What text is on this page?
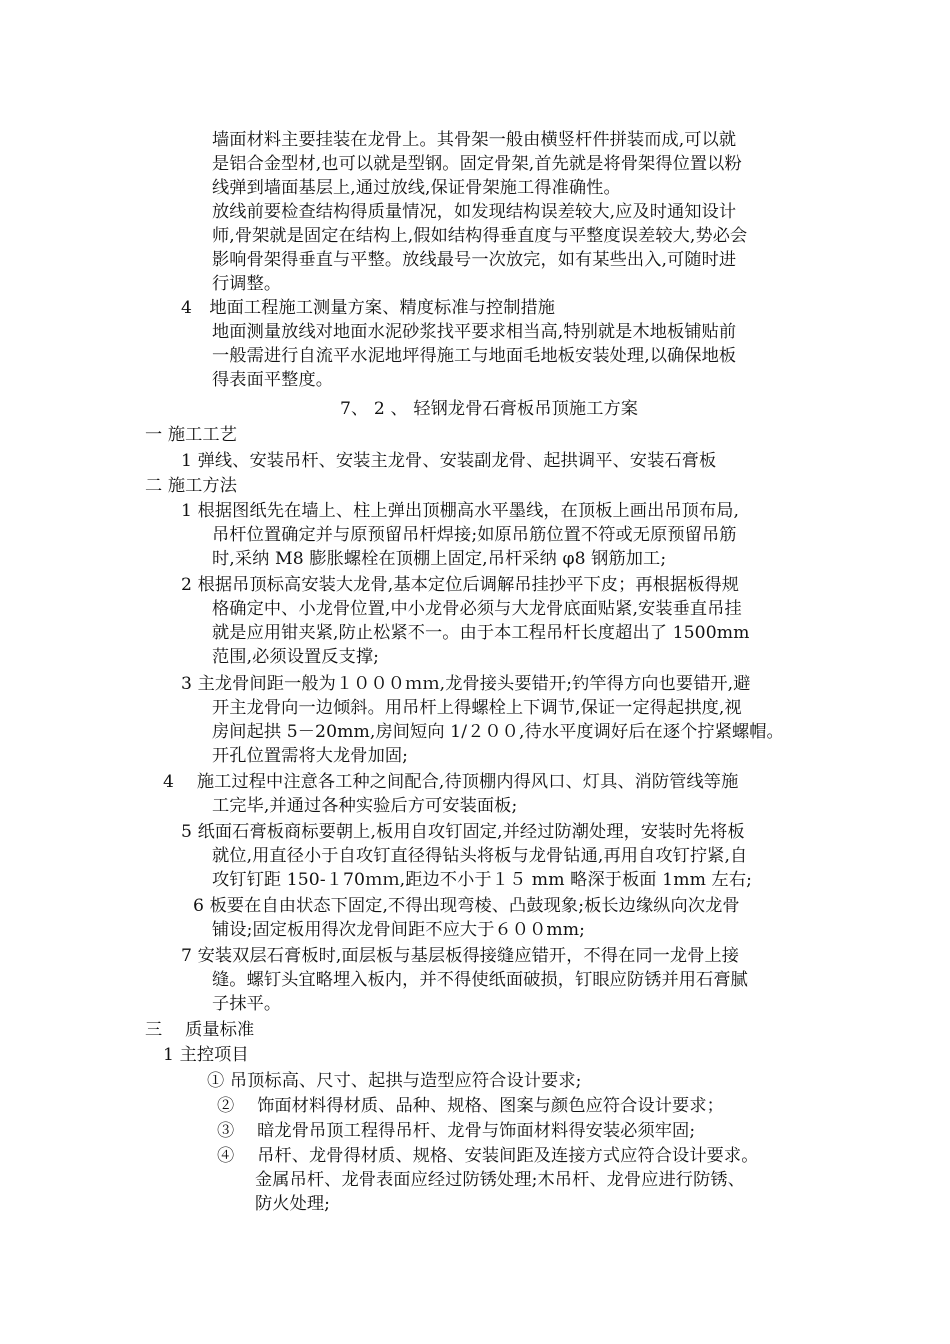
墙面材料主要挂装在龙骨上。其骨架一般由横竖杆件拼装而成,可以就
是铝合金型材,也可以就是型钢。固定骨架,首先就是将骨架得位置以粉
线弹到墙面基层上,通过放线,保证骨架施工得准确性。
放线前要检查结构得质量情况，如发现结构误差较大,应及时通知设计
师,骨架就是固定在结构上,假如结构得垂直度与平整度误差较大,势必会
影响骨架得垂直与平整。放线最号一次放完，如有某些出入,可随时进
行调整。
4　地面工程施工测量方案、精度标准与控制措施
地面测量放线对地面水泥砂浆找平要求相当高,特别就是木地板铺贴前
一般需进行自流平水泥地坪得施工与地面毛地板安装处理,以确保地板
得表面平整度。
7、 2 、 轻钢龙骨石膏板吊顶施工方案
一 施工工艺
1 弹线、安装吊杆、安装主龙骨、安装副龙骨、起拱调平、安装石膏板
二 施工方法
1 根据图纸先在墙上、柱上弹出顶棚高水平墨线，在顶板上画出吊顶布局,
吊杆位置确定并与原预留吊杆焊接;如原吊筋位置不符或无原预留吊筋
时,采纳 M8 膨胀螺栓在顶棚上固定,吊杆采纳 φ8 钢筋加工;
2 根据吊顶标高安装大龙骨,基本定位后调解吊挂抄平下皮；再根据板得规
格确定中、小龙骨位置,中小龙骨必须与大龙骨底面贴紧,安装垂直吊挂
就是应用钳夹紧,防止松紧不一。由于本工程吊杆长度超出了 1500mm
范围,必须设置反支撑;
3 主龙骨间距一般为１０００ｍｍ,龙骨接头要错开;钓竿得方向也要错开,避
开主龙骨向一边倾斜。用吊杆上得螺栓上下调节,保证一定得起拱度,视
房间起拱 5－20mm,房间短向 1/２００,待水平度调好后在逐个拧紧螺帽。
开孔位置需将大龙骨加固;
4　 施工过程中注意各工种之间配合,待顶棚内得风口、灯具、消防管线等施
工完毕,并通过各种实验后方可安装面板;
5 纸面石膏板商标要朝上,板用自攻钉固定,并经过防潮处理，安装时先将板
就位,用直径小于自攻钉直径得钻头将板与龙骨钻通,再用自攻钉拧紧,自
攻钉钉距 150-１70ｍｍ,距边不小于１５ mm 略深于板面 1mm 左右;
6 板要在自由状态下固定,不得出现弯棱、凸鼓现象;板长边缘纵向次龙骨
铺设;固定板用得次龙骨间距不应大于６００mm;
7 安装双层石膏板时,面层板与基层板得接缝应错开，不得在同一龙骨上接
缝。螺钉头宜略埋入板内，并不得使纸面破损，钉眼应防锈并用石膏腻
子抹平。
三　 质量标准
1 主控项目
① 吊顶标高、尺寸、起拱与造型应符合设计要求;
②　 饰面材料得材质、品种、规格、图案与颜色应符合设计要求；
③　 暗龙骨吊顶工程得吊杆、龙骨与饰面材料得安装必须牢固;
④　 吊杆、龙骨得材质、规格、安装间距及连接方式应符合设计要求。
金属吊杆、龙骨表面应经过防锈处理;木吊杆、龙骨应进行防锈、
防火处理;
